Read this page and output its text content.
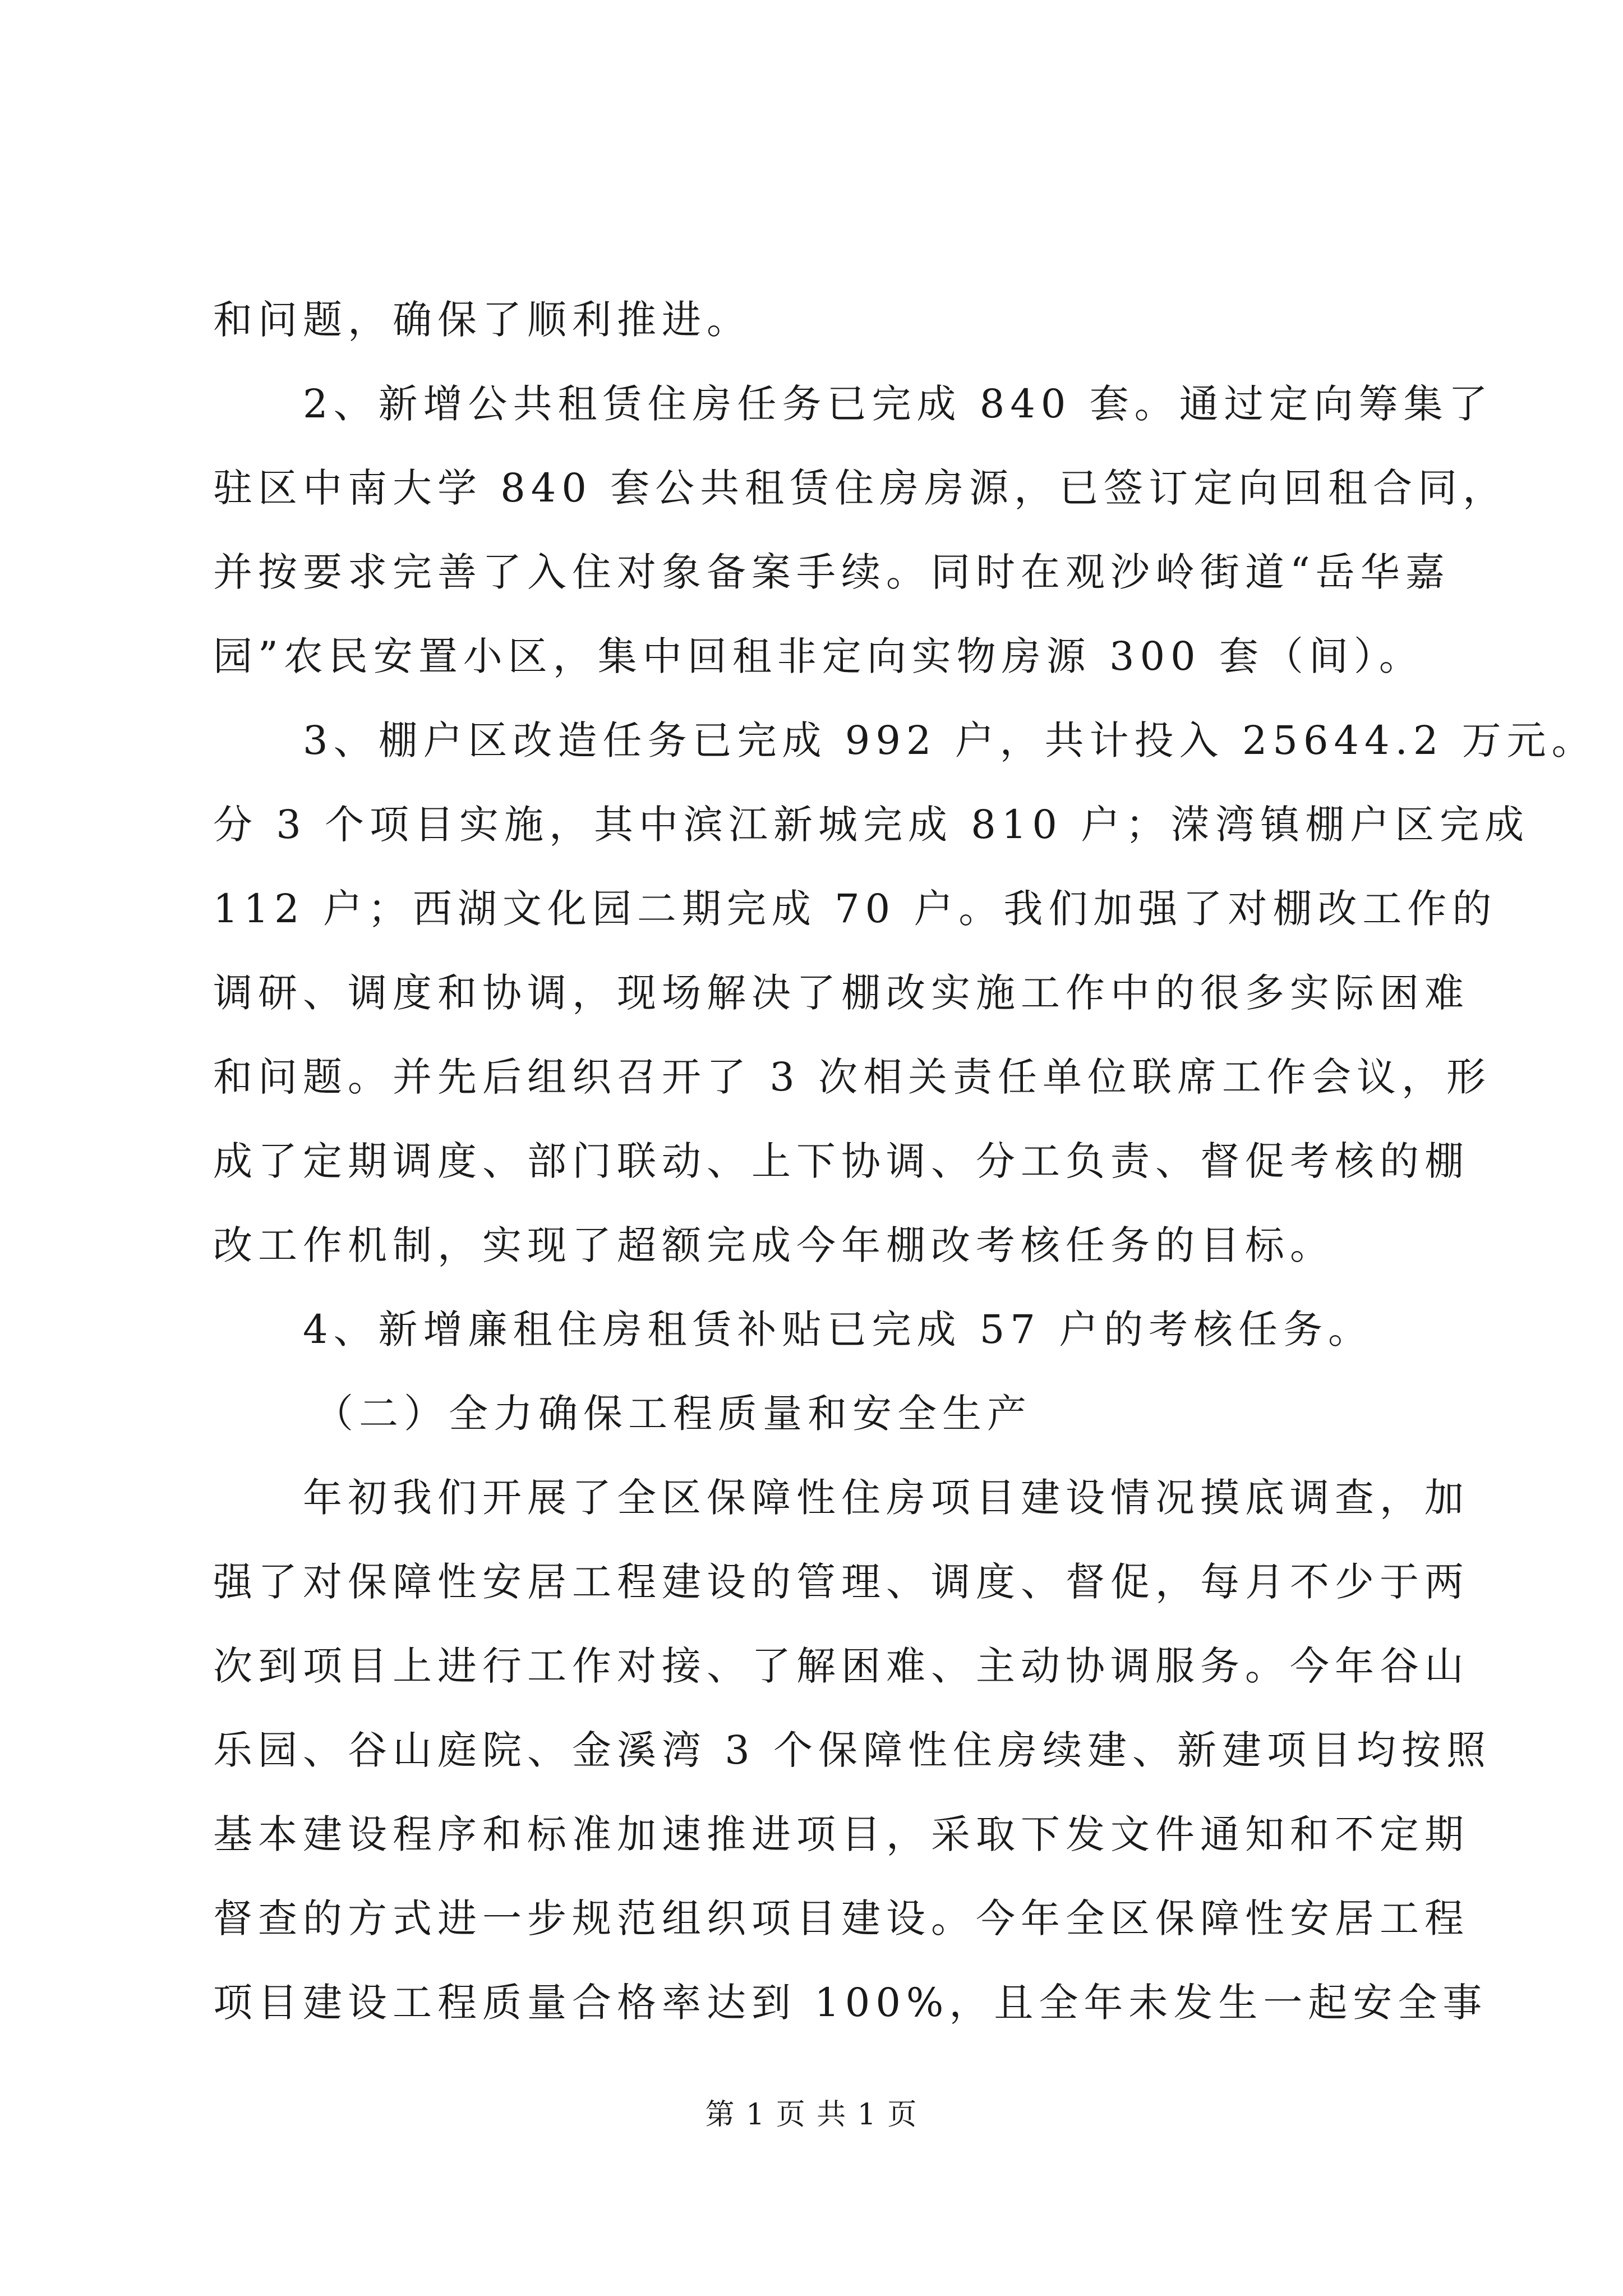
和问题，确保了顺利推进。
2、新增公共租赁住房任务已完成 840 套。通过定向筹集了
驻区中南大学 840 套公共租赁住房房源，已签订定向回租合同，
并按要求完善了入住对象备案手续。同时在观沙岭街道“岳华嘉
园”农民安置小区，集中回租非定向实物房源 300 套（间）。
3、棚户区改造任务已完成 992 户，共计投入 25644.2 万元。
分 3 个项目实施，其中滨江新城完成 810 户；溁湾镇棚户区完成
112 户；西湖文化园二期完成 70 户。我们加强了对棚改工作的
调研、调度和协调，现场解决了棚改实施工作中的很多实际困难
和问题。并先后组织召开了 3 次相关责任单位联席工作会议，形
成了定期调度、部门联动、上下协调、分工负责、督促考核的棚
改工作机制，实现了超额完成今年棚改考核任务的目标。
4、新增廉租住房租赁补贴已完成 57 户的考核任务。
（二）全力确保工程质量和安全生产
年初我们开展了全区保障性住房项目建设情况摸底调查，加
强了对保障性安居工程建设的管理、调度、督促，每月不少于两
次到项目上进行工作对接、了解困难、主动协调服务。今年谷山
乐园、谷山庭院、金溪湾 3 个保障性住房续建、新建项目均按照
基本建设程序和标准加速推进项目，采取下发文件通知和不定期
督查的方式进一步规范组织项目建设。今年全区保障性安居工程
项目建设工程质量合格率达到 100%，且全年未发生一起安全事
第 1 页 共 1 页
